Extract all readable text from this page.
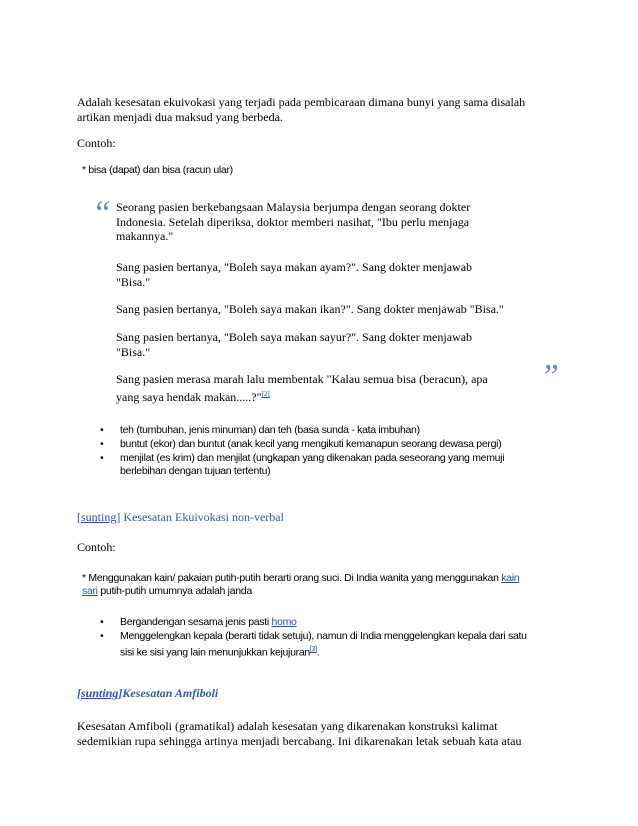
Adalah kesesatan ekuivokasi yang terjadi pada pembicaraan dimana bunyi yang sama disalah
artikan menjadi dua maksud yang berbeda.
Contoh:
* bisa (dapat) dan bisa (racun ular)
“
”
Seorang pasien berkebangsaan Malaysia berjumpa dengan seorang dokter
Indonesia. Setelah diperiksa, doktor memberi nasihat, "Ibu perlu menjaga
makannya."
Sang pasien bertanya, "Boleh saya makan ayam?". Sang dokter menjawab
"Bisa."
Sang pasien bertanya, "Boleh saya makan ikan?". Sang dokter menjawab "Bisa."
Sang pasien bertanya, "Boleh saya makan sayur?". Sang dokter menjawab
"Bisa."
Sang pasien merasa marah lalu membentak "Kalau semua bisa (beracun), apa
yang saya hendak makan.....?"[2]
• teh (tumbuhan, jenis minuman) dan teh (basa sunda - kata imbuhan)
• buntut (ekor) dan buntut (anak kecil yang mengikuti kemanapun seorang dewasa pergi)
• menjilat (es krim) dan menjilat (ungkapan yang dikenakan pada seseorang yang memuji
berlebihan dengan tujuan tertentu)
[sunting] Kesesatan Ekuivokasi non-verbal
Contoh:
* Menggunakan kain/ pakaian putih-putih berarti orang suci. Di India wanita yang menggunakan kain
sari putih-putih umumnya adalah janda
• Bergandengan sesama jenis pasti homo
• Menggelengkan kepala (berarti tidak setuju), namun di India menggelengkan kepala dari satu
sisi ke sisi yang lain menunjukkan kejujuran[3].
[sunting]Kesesatan Amfiboli
Kesesatan Amfiboli (gramatikal) adalah kesesatan yang dikarenakan konstruksi kalimat
sedemikian rupa sehingga artinya menjadi bercabang. Ini dikarenakan letak sebuah kata atau
